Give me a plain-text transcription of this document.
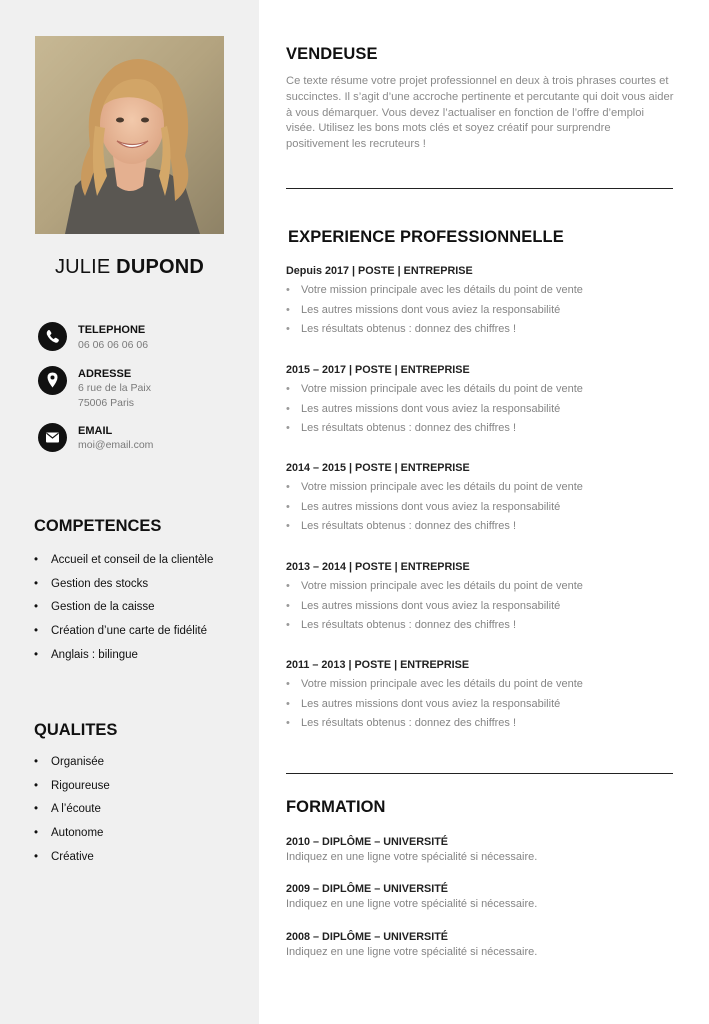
JULIE DUPOND
TELEPHONE
06 06 06 06 06
ADRESSE
6 rue de la Paix
75006 Paris
EMAIL
moi@email.com
COMPETENCES
• Accueil et conseil de la clientèle
• Gestion des stocks
• Gestion de la caisse
• Création d’une carte de fidélité
• Anglais : bilingue
QUALITES
• Organisée
• Rigoureuse
• A l’écoute
• Autonome
• Créative
VENDEUSE
Ce texte résume votre projet professionnel en deux à trois phrases courtes et succinctes. Il s’agit d’une accroche pertinente et percutante qui doit vous aider à vous démarquer. Vous devez l’actualiser en fonction de l’offre d’emploi visée. Utilisez les bons mots clés et soyez créatif pour surprendre positivement les recruteurs !
EXPERIENCE PROFESSIONNELLE
Depuis 2017 | POSTE | ENTREPRISE
• Votre mission principale avec les détails du point de vente
• Les autres missions dont vous aviez la responsabilité
• Les résultats obtenus : donnez des chiffres !
2015 – 2017 | POSTE | ENTREPRISE
• Votre mission principale avec les détails du point de vente
• Les autres missions dont vous aviez la responsabilité
• Les résultats obtenus : donnez des chiffres !
2014 – 2015 | POSTE | ENTREPRISE
• Votre mission principale avec les détails du point de vente
• Les autres missions dont vous aviez la responsabilité
• Les résultats obtenus : donnez des chiffres !
2013 – 2014 | POSTE | ENTREPRISE
• Votre mission principale avec les détails du point de vente
• Les autres missions dont vous aviez la responsabilité
• Les résultats obtenus : donnez des chiffres !
2011 – 2013 | POSTE | ENTREPRISE
• Votre mission principale avec les détails du point de vente
• Les autres missions dont vous aviez la responsabilité
• Les résultats obtenus : donnez des chiffres !
FORMATION
2010 – DIPLÔME – UNIVERSITÉ
Indiquez en une ligne votre spécialité si nécessaire.
2009 – DIPLÔME – UNIVERSITÉ
Indiquez en une ligne votre spécialité si nécessaire.
2008 – DIPLÔME – UNIVERSITÉ
Indiquez en une ligne votre spécialité si nécessaire.
